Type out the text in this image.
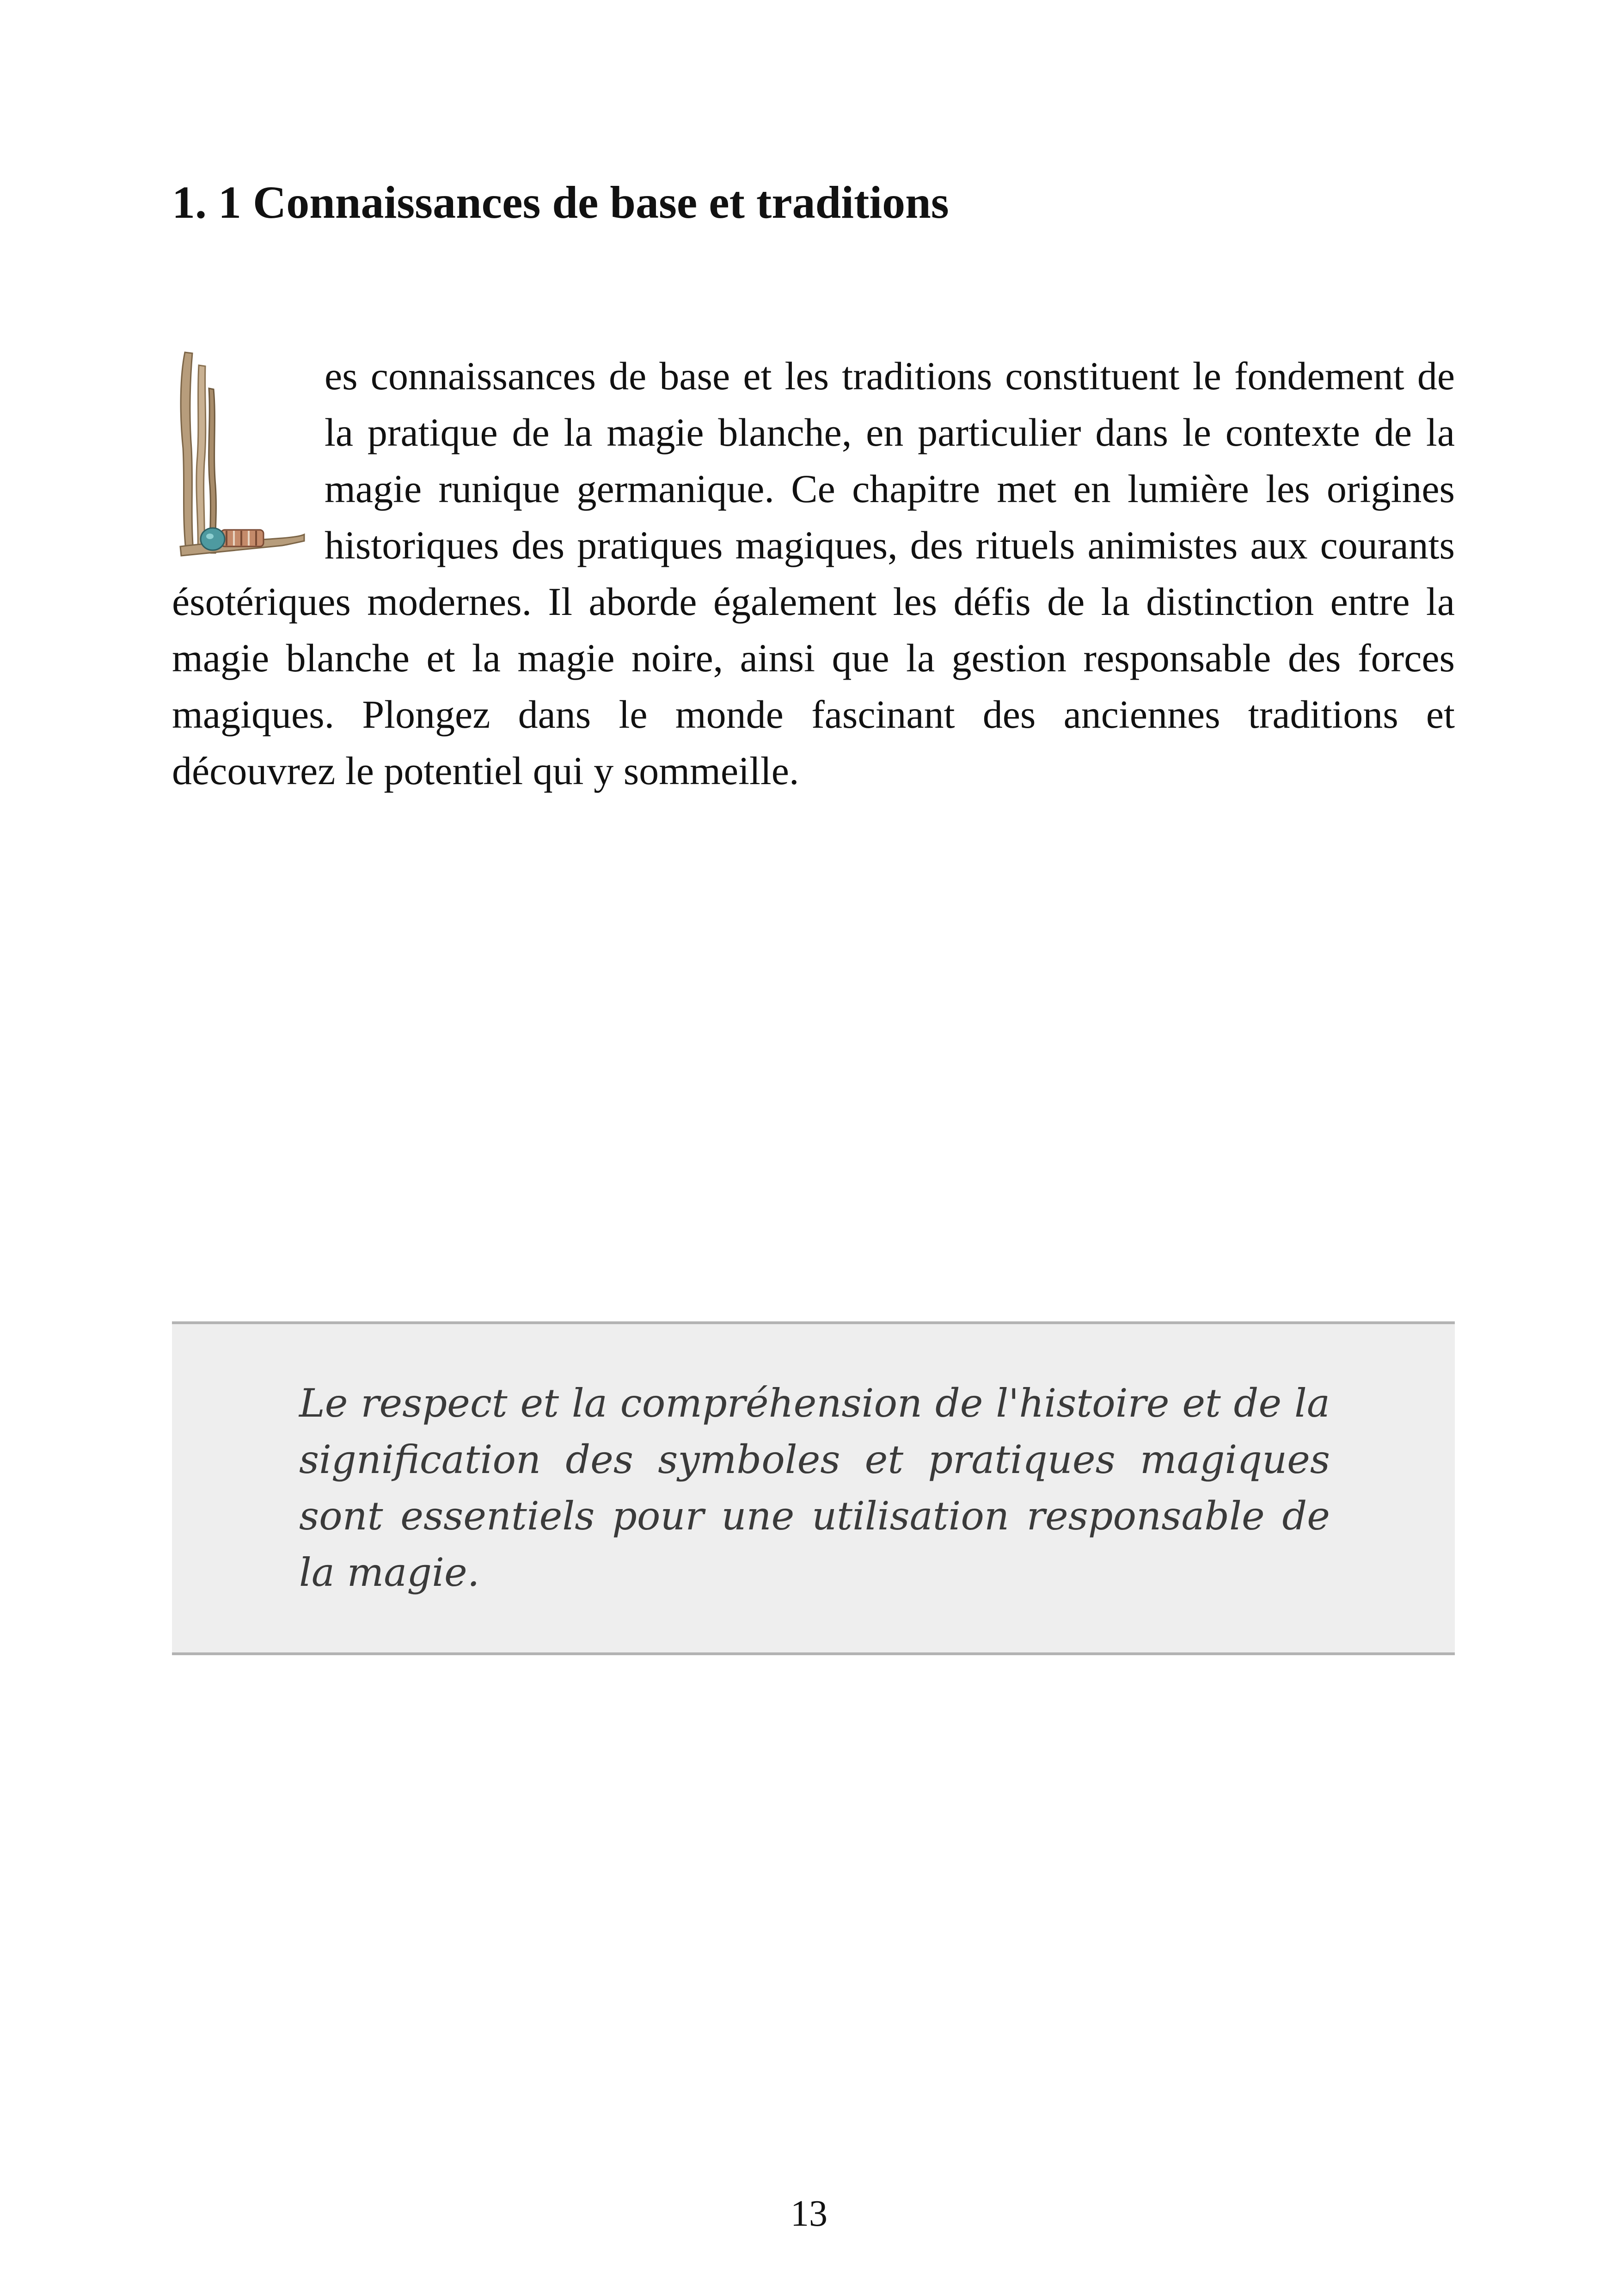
1. 1 Connaissances de base et traditions

es connaissances de base et les traditions constituent le fondement de la pratique de la magie blanche, en particulier dans le contexte de la magie runique germanique. Ce chapitre met en lumière les origines historiques des pratiques magiques, des rituels animistes aux courants ésotériques modernes. Il aborde également les défis de la distinction entre la magie blanche et la magie noire, ainsi que la gestion responsable des forces magiques. Plongez dans le monde fascinant des anciennes traditions et découvrez le potentiel qui y sommeille.

Le respect et la compréhension de l'histoire et de la signification des symboles et pratiques magiques sont essentiels pour une utilisation responsable de la magie.

13
